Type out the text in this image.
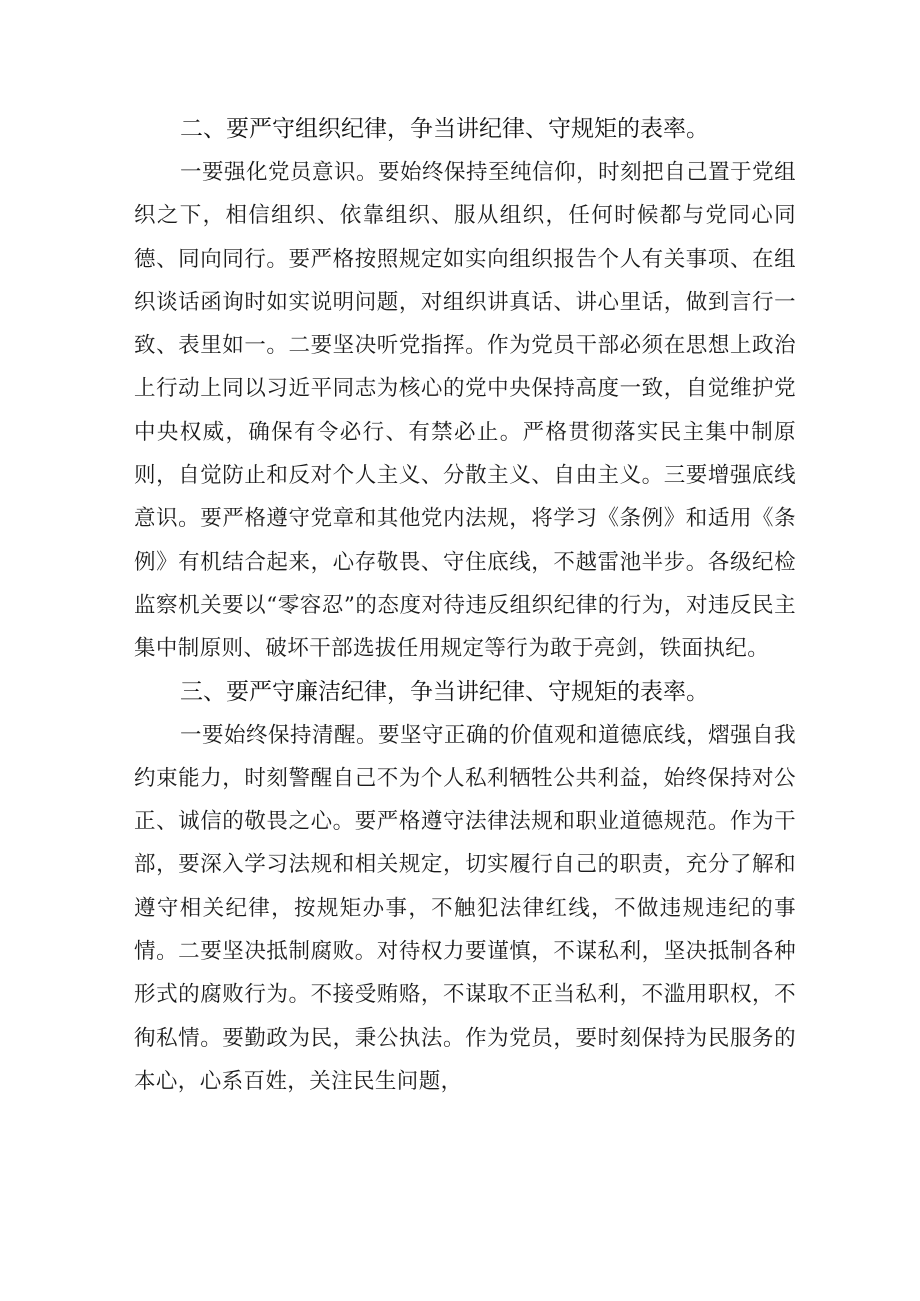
二、要严守组织纪律，争当讲纪律、守规矩的表率。

一要强化党员意识。要始终保持至纯信仰，时刻把自己置于党组织之下，相信组织、依靠组织、服从组织，任何时候都与党同心同德、同向同行。要严格按照规定如实向组织报告个人有关事项、在组织谈话函询时如实说明问题，对组织讲真话、讲心里话，做到言行一致、表里如一。二要坚决听党指挥。作为党员干部必须在思想上政治上行动上同以习近平同志为核心的党中央保持高度一致，自觉维护党中央权威，确保有令必行、有禁必止。严格贯彻落实民主集中制原则，自觉防止和反对个人主义、分散主义、自由主义。三要增强底线意识。要严格遵守党章和其他党内法规，将学习《条例》和适用《条例》有机结合起来，心存敬畏、守住底线，不越雷池半步。各级纪检监察机关要以“零容忍”的态度对待违反组织纪律的行为，对违反民主集中制原则、破坏干部选拔任用规定等行为敢于亮剑，铁面执纪。

三、要严守廉洁纪律，争当讲纪律、守规矩的表率。

一要始终保持清醒。要坚守正确的价值观和道德底线，熠强自我约束能力，时刻警醒自己不为个人私利牺牲公共利益，始终保持对公正、诚信的敬畏之心。要严格遵守法律法规和职业道德规范。作为干部，要深入学习法规和相关规定，切实履行自己的职责，充分了解和遵守相关纪律，按规矩办事，不触犯法律红线，不做违规违纪的事情。二要坚决抵制腐败。对待权力要谨慎，不谋私利，坚决抵制各种形式的腐败行为。不接受贿赂，不谋取不正当私利，不滥用职权，不徇私情。要勤政为民，秉公执法。作为党员，要时刻保持为民服务的本心，心系百姓，关注民生问题，
